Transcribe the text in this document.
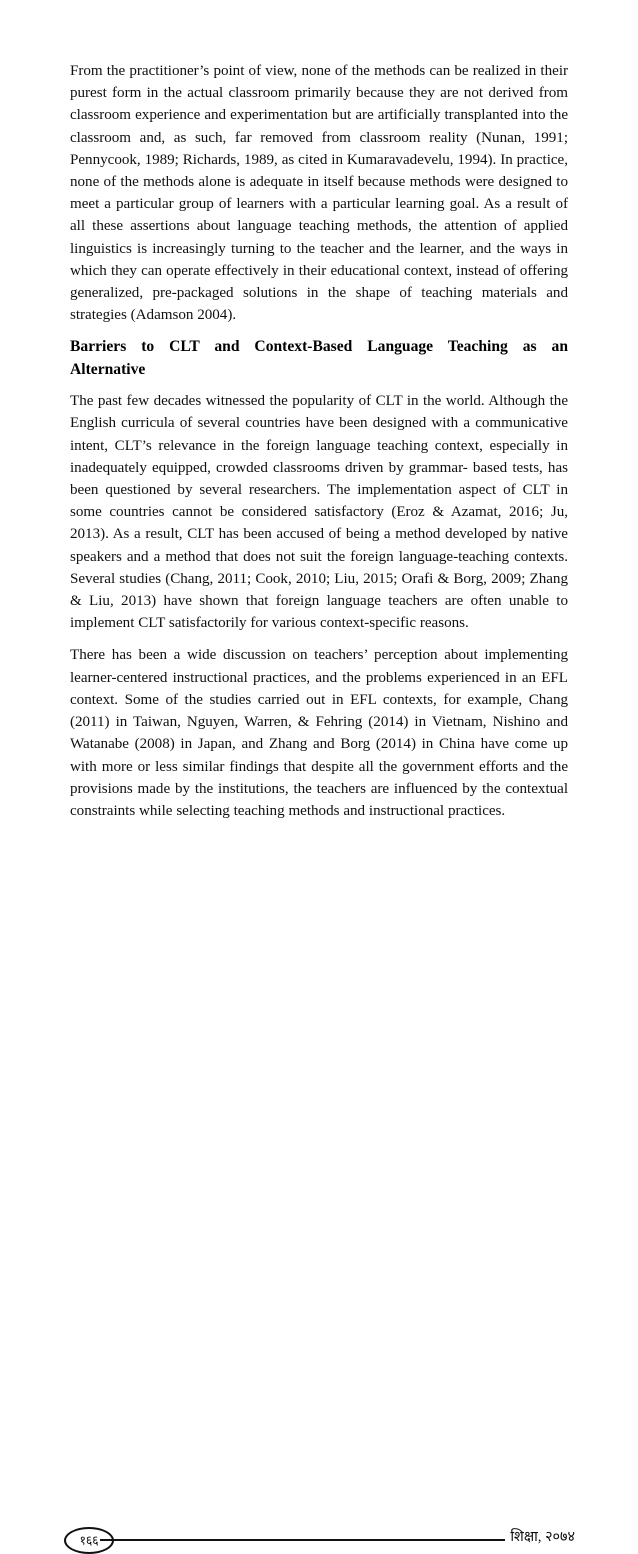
From the practitioner’s point of view, none of the methods can be realized in their purest form in the actual classroom primarily because they are not derived from classroom experience and experimentation but are artificially transplanted into the classroom and, as such, far removed from classroom reality (Nunan, 1991; Pennycook, 1989; Richards, 1989, as cited in Kumaravadevelu, 1994). In practice, none of the methods alone is adequate in itself because methods were designed to meet a particular group of learners with a particular learning goal. As a result of all these assertions about language teaching methods, the attention of applied linguistics is increasingly turning to the teacher and the learner, and the ways in which they can operate effectively in their educational context, instead of offering generalized, pre-packaged solutions in the shape of teaching materials and strategies (Adamson 2004).

Barriers to CLT and Context-Based Language Teaching as an
Alternative

The past few decades witnessed the popularity of CLT in the world. Although the English curricula of several countries have been designed with a communicative intent, CLT’s relevance in the foreign language teaching context, especially in inadequately equipped, crowded classrooms driven by grammar- based tests, has been questioned by several researchers. The implementation aspect of CLT in some countries cannot be considered satisfactory (Eroz & Azamat, 2016; Ju, 2013). As a result, CLT has been accused of being a method developed by native speakers and a method that does not suit the foreign language-teaching contexts. Several studies (Chang, 2011; Cook, 2010; Liu, 2015; Orafi & Borg, 2009; Zhang & Liu, 2013) have shown that foreign language teachers are often unable to implement CLT satisfactorily for various context-specific reasons.

There has been a wide discussion on teachers’ perception about implementing learner-centered instructional practices, and the problems experienced in an EFL context. Some of the studies carried out in EFL contexts, for example, Chang (2011) in Taiwan, Nguyen, Warren, & Fehring (2014) in Vietnam, Nishino and Watanabe (2008) in Japan, and Zhang and Borg (2014) in China have come up with more or less similar findings that despite all the government efforts and the provisions made by the institutions, the teachers are influenced by the contextual constraints while selecting teaching methods and instructional practices.

१६६	शिक्षा, २०७४
